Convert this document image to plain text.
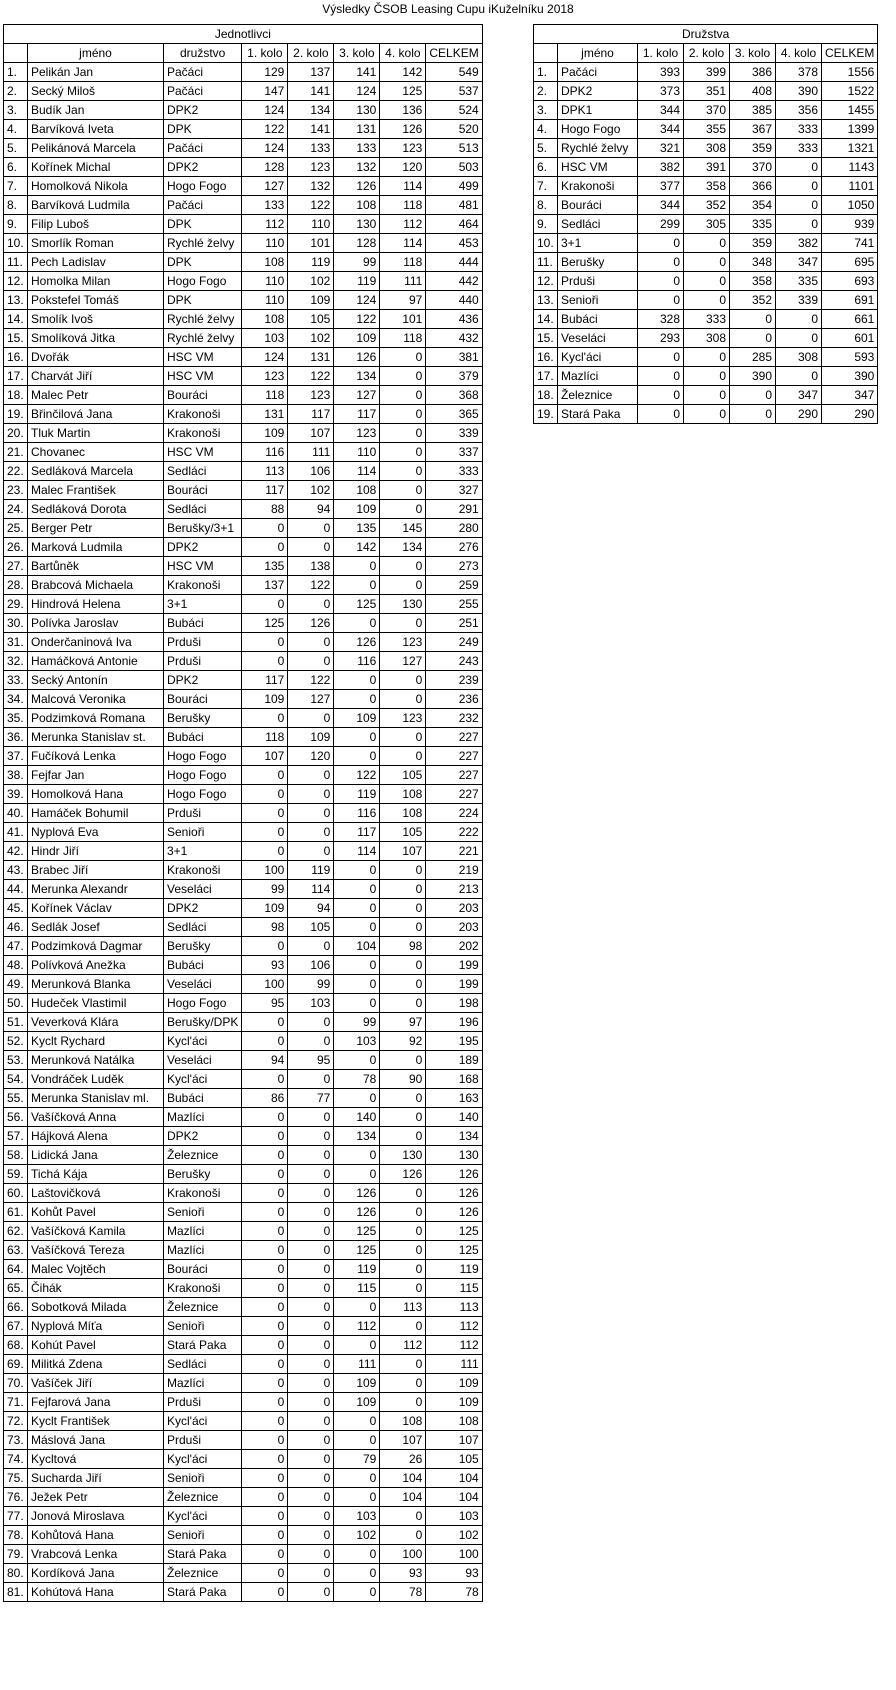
Výsledky ČSOB Leasing Cupu iKuželníku 2018
Jednotlivci							
	jméno	družstvo	1. kolo	2. kolo	3. kolo	4. kolo	CELKEM
1.	Pelikán Jan	Pačáci	129	137	141	142	549
2.	Secký Miloš	Pačáci	147	141	124	125	537
3.	Budík Jan	DPK2	124	134	130	136	524
4.	Barvíková Iveta	DPK	122	141	131	126	520
5.	Pelikánová Marcela	Pačáci	124	133	133	123	513
6.	Kořínek Michal	DPK2	128	123	132	120	503
7.	Homolková Nikola	Hogo Fogo	127	132	126	114	499
8.	Barvíková Ludmila	Pačáci	133	122	108	118	481
9.	Filip Luboš	DPK	112	110	130	112	464
10.	Smorlík Roman	Rychlé želvy	110	101	128	114	453
11.	Pech Ladislav	DPK	108	119	99	118	444
12.	Homolka Milan	Hogo Fogo	110	102	119	111	442
13.	Pokstefel Tomáš	DPK	110	109	124	97	440
14.	Smolík Ivoš	Rychlé želvy	108	105	122	101	436
15.	Smolíková Jitka	Rychlé želvy	103	102	109	118	432
16.	Dvořák	HSC VM	124	131	126	0	381
17.	Charvát Jiří	HSC VM	123	122	134	0	379
18.	Malec Petr	Bouráci	118	123	127	0	368
19.	Břinčilová Jana	Krakonoši	131	117	117	0	365
20.	Tluk Martin	Krakonoši	109	107	123	0	339
21.	Chovanec	HSC VM	116	111	110	0	337
22.	Sedláková Marcela	Sedláci	113	106	114	0	333
23.	Malec František	Bouráci	117	102	108	0	327
24.	Sedláková Dorota	Sedláci	88	94	109	0	291
25.	Berger Petr	Berušky/3+1	0	0	135	145	280
26.	Marková Ludmila	DPK2	0	0	142	134	276
27.	Bartůněk	HSC VM	135	138	0	0	273
28.	Brabcová Michaela	Krakonoši	137	122	0	0	259
29.	Hindrová Helena	3+1	0	0	125	130	255
30.	Polívka Jaroslav	Bubáci	125	126	0	0	251
31.	Onderčaninová Iva	Prduši	0	0	126	123	249
32.	Hamáčková Antonie	Prduši	0	0	116	127	243
33.	Secký Antonín	DPK2	117	122	0	0	239
34.	Malcová Veronika	Bouráci	109	127	0	0	236
35.	Podzimková Romana	Berušky	0	0	109	123	232
36.	Merunka Stanislav st.	Bubáci	118	109	0	0	227
37.	Fučíková Lenka	Hogo Fogo	107	120	0	0	227
38.	Fejfar Jan	Hogo Fogo	0	0	122	105	227
39.	Homolková Hana	Hogo Fogo	0	0	119	108	227
40.	Hamáček Bohumil	Prduši	0	0	116	108	224
41.	Nyplová Eva	Senioři	0	0	117	105	222
42.	Hindr Jiří	3+1	0	0	114	107	221
43.	Brabec Jiří	Krakonoši	100	119	0	0	219
44.	Merunka Alexandr	Veseláci	99	114	0	0	213
45.	Kořínek Václav	DPK2	109	94	0	0	203
46.	Sedlák Josef	Sedláci	98	105	0	0	203
47.	Podzimková Dagmar	Berušky	0	0	104	98	202
48.	Polívková Anežka	Bubáci	93	106	0	0	199
49.	Merunková Blanka	Veseláci	100	99	0	0	199
50.	Hudeček Vlastimil	Hogo Fogo	95	103	0	0	198
51.	Veverková Klára	Berušky/DPK	0	0	99	97	196
52.	Kyclt Rychard	Kycl'áci	0	0	103	92	195
53.	Merunková Natálka	Veseláci	94	95	0	0	189
54.	Vondráček Luděk	Kycl'áci	0	0	78	90	168
55.	Merunka Stanislav ml.	Bubáci	86	77	0	0	163
56.	Vašíčková Anna	Mazlíci	0	0	140	0	140
57.	Hájková Alena	DPK2	0	0	134	0	134
58.	Lidická Jana	Železnice	0	0	0	130	130
59.	Tichá Kája	Berušky	0	0	0	126	126
60.	Laštovičková	Krakonoši	0	0	126	0	126
61.	Kohůt Pavel	Senioři	0	0	126	0	126
62.	Vašíčková Kamila	Mazlíci	0	0	125	0	125
63.	Vašíčková Tereza	Mazlíci	0	0	125	0	125
64.	Malec Vojtěch	Bouráci	0	0	119	0	119
65.	Čihák	Krakonoši	0	0	115	0	115
66.	Sobotková Milada	Železnice	0	0	0	113	113
67.	Nyplová Míťa	Senioři	0	0	112	0	112
68.	Kohút Pavel	Stará Paka	0	0	0	112	112
69.	Militká Zdena	Sedláci	0	0	111	0	111
70.	Vašíček Jiří	Mazlíci	0	0	109	0	109
71.	Fejfarová Jana	Prduši	0	0	109	0	109
72.	Kyclt František	Kycl'áci	0	0	0	108	108
73.	Máslová Jana	Prduši	0	0	0	107	107
74.	Kycltová	Kycl'áci	0	0	79	26	105
75.	Sucharda Jiří	Senioři	0	0	0	104	104
76.	Ježek Petr	Železnice	0	0	0	104	104
77.	Jonová Miroslava	Kycl'áci	0	0	103	0	103
78.	Kohůtová Hana	Senioři	0	0	102	0	102
79.	Vrabcová Lenka	Stará Paka	0	0	0	100	100
80.	Kordíková Jana	Železnice	0	0	0	93	93
81.	Kohútová Hana	Stará Paka	0	0	0	78	78
Družstva						
	jméno	1. kolo	2. kolo	3. kolo	4. kolo	CELKEM
1.	Pačáci	393	399	386	378	1556
2.	DPK2	373	351	408	390	1522
3.	DPK1	344	370	385	356	1455
4.	Hogo Fogo	344	355	367	333	1399
5.	Rychlé želvy	321	308	359	333	1321
6.	HSC VM	382	391	370	0	1143
7.	Krakonoši	377	358	366	0	1101
8.	Bouráci	344	352	354	0	1050
9.	Sedláci	299	305	335	0	939
10.	3+1	0	0	359	382	741
11.	Berušky	0	0	348	347	695
12.	Prduši	0	0	358	335	693
13.	Senioři	0	0	352	339	691
14.	Bubáci	328	333	0	0	661
15.	Veseláci	293	308	0	0	601
16.	Kycl'áci	0	0	285	308	593
17.	Mazlíci	0	0	390	0	390
18.	Železnice	0	0	0	347	347
19.	Stará Paka	0	0	0	290	290
